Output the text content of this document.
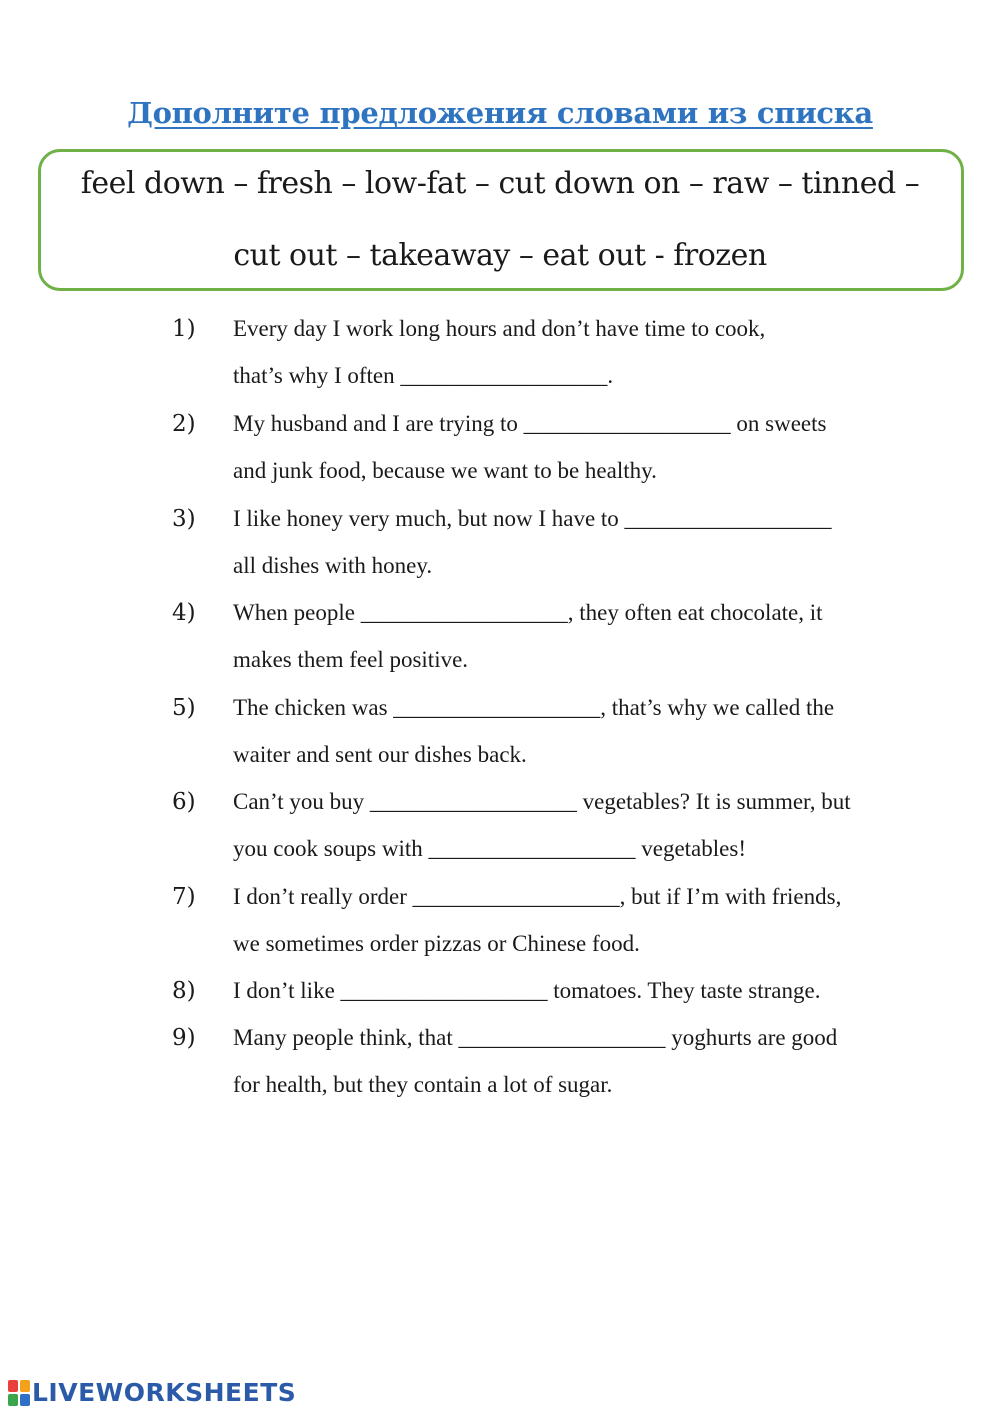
Дополните предложения словами из списка
feel down – fresh – low-fat – cut down on – raw – tinned –
cut out – takeaway – eat out - frozen
1) Every day I work long hours and don’t have time to cook,
that’s why I often __________________.
2) My husband and I are trying to __________________ on sweets
and junk food, because we want to be healthy.
3) I like honey very much, but now I have to __________________
all dishes with honey.
4) When people __________________, they often eat chocolate, it
makes them feel positive.
5) The chicken was __________________, that’s why we called the
waiter and sent our dishes back.
6) Can’t you buy __________________ vegetables? It is summer, but
you cook soups with __________________ vegetables!
7) I don’t really order __________________, but if I’m with friends,
we sometimes order pizzas or Chinese food.
8) I don’t like __________________ tomatoes. They taste strange.
9) Many people think, that __________________ yoghurts are good
for health, but they contain a lot of sugar.
LIVEWORKSHEETS
